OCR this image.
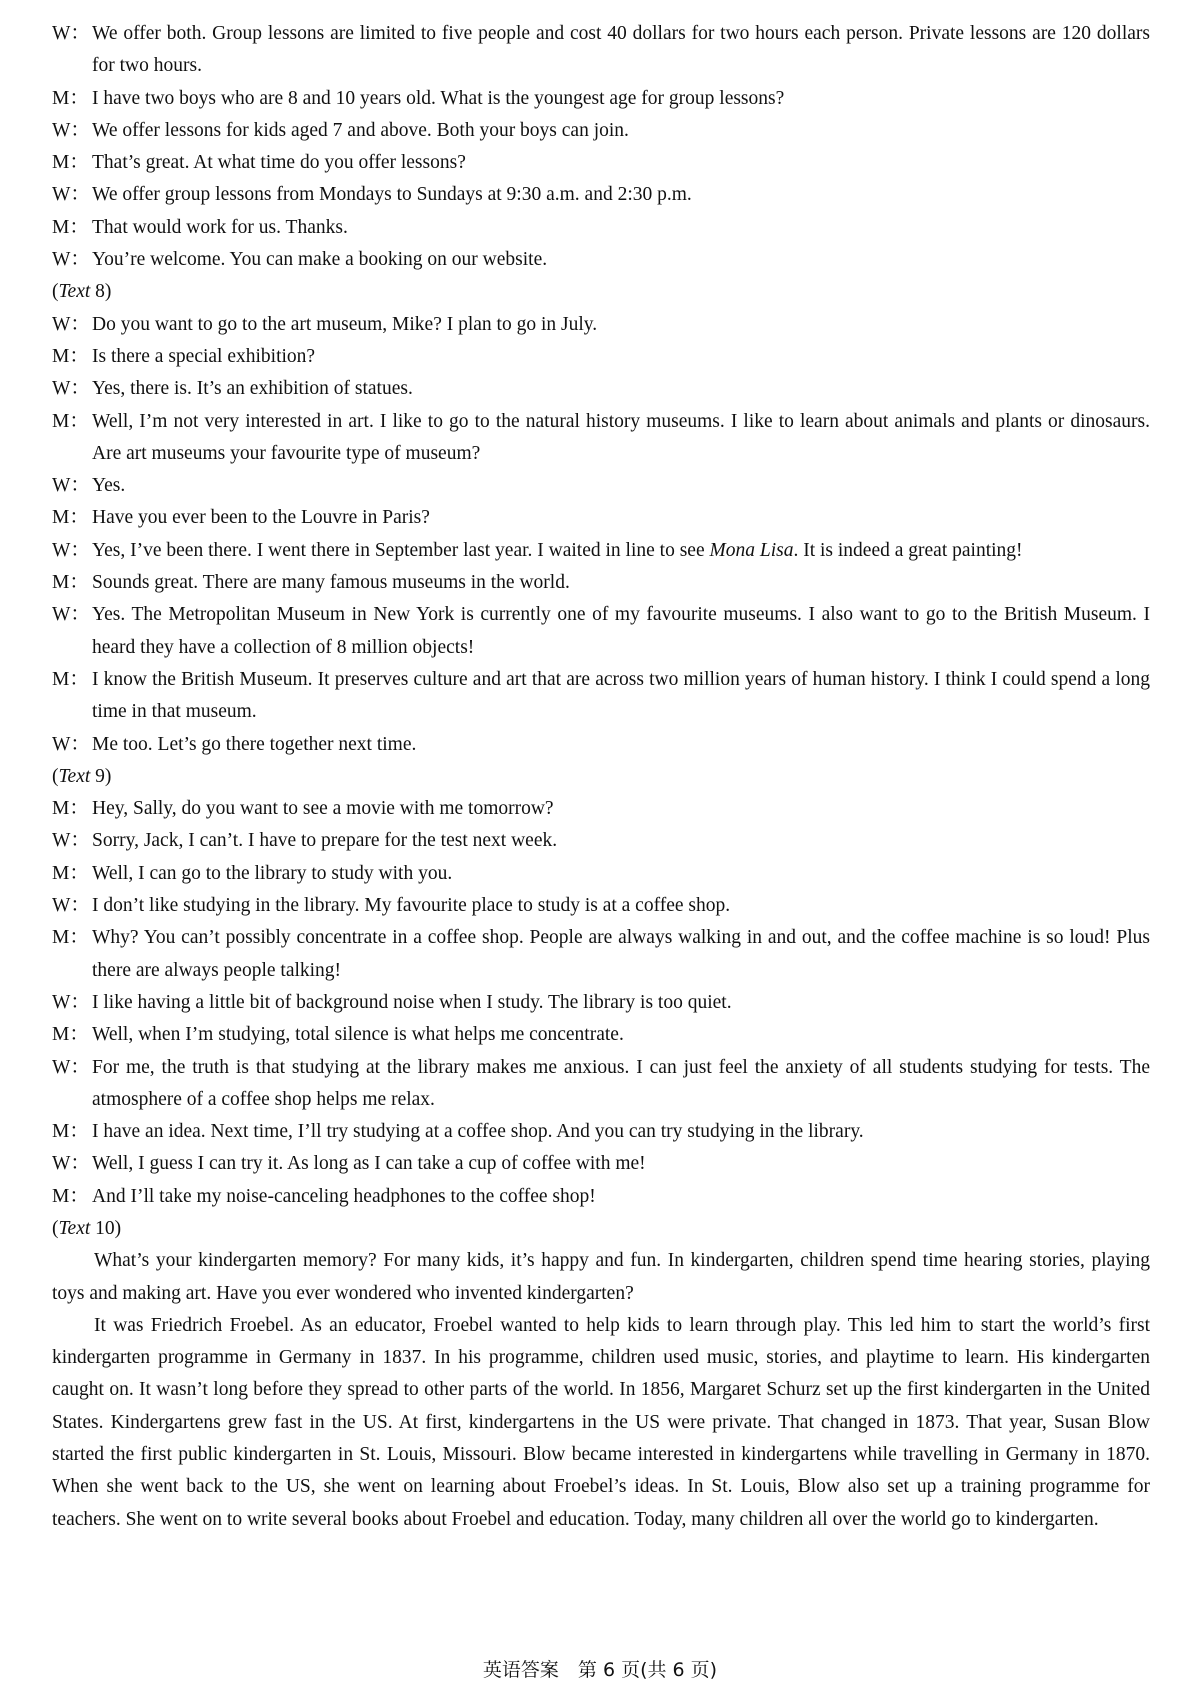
W： We offer both. Group lessons are limited to five people and cost 40 dollars for two hours each person. Private lessons are 120 dollars for two hours.
M： I have two boys who are 8 and 10 years old. What is the youngest age for group lessons?
W： We offer lessons for kids aged 7 and above. Both your boys can join.
M： That’s great. At what time do you offer lessons?
W： We offer group lessons from Mondays to Sundays at 9:30 a.m. and 2:30 p.m.
M： That would work for us. Thanks.
W： You’re welcome. You can make a booking on our website.
(Text 8)
W： Do you want to go to the art museum, Mike? I plan to go in July.
M： Is there a special exhibition?
W： Yes, there is. It’s an exhibition of statues.
M： Well, I’m not very interested in art. I like to go to the natural history museums. I like to learn about animals and plants or dinosaurs. Are art museums your favourite type of museum?
W： Yes.
M： Have you ever been to the Louvre in Paris?
W： Yes, I’ve been there. I went there in September last year. I waited in line to see Mona Lisa. It is indeed a great painting!
M： Sounds great. There are many famous museums in the world.
W： Yes. The Metropolitan Museum in New York is currently one of my favourite museums. I also want to go to the British Museum. I heard they have a collection of 8 million objects!
M： I know the British Museum. It preserves culture and art that are across two million years of human history. I think I could spend a long time in that museum.
W： Me too. Let’s go there together next time.
(Text 9)
M： Hey, Sally, do you want to see a movie with me tomorrow?
W： Sorry, Jack, I can’t. I have to prepare for the test next week.
M： Well, I can go to the library to study with you.
W： I don’t like studying in the library. My favourite place to study is at a coffee shop.
M： Why? You can’t possibly concentrate in a coffee shop. People are always walking in and out, and the coffee machine is so loud! Plus there are always people talking!
W： I like having a little bit of background noise when I study. The library is too quiet.
M： Well, when I’m studying, total silence is what helps me concentrate.
W： For me, the truth is that studying at the library makes me anxious. I can just feel the anxiety of all students studying for tests. The atmosphere of a coffee shop helps me relax.
M： I have an idea. Next time, I’ll try studying at a coffee shop. And you can try studying in the library.
W： Well, I guess I can try it. As long as I can take a cup of coffee with me!
M： And I’ll take my noise-canceling headphones to the coffee shop!
(Text 10)

What’s your kindergarten memory? For many kids, it’s happy and fun. In kindergarten, children spend time hearing stories, playing toys and making art. Have you ever wondered who invented kindergarten?

It was Friedrich Froebel. As an educator, Froebel wanted to help kids to learn through play. This led him to start the world’s first kindergarten programme in Germany in 1837. In his programme, children used music, stories, and playtime to learn. His kindergarten caught on. It wasn’t long before they spread to other parts of the world. In 1856, Margaret Schurz set up the first kindergarten in the United States. Kindergartens grew fast in the US. At first, kindergartens in the US were private. That changed in 1873. That year, Susan Blow started the first public kindergarten in St. Louis, Missouri. Blow became interested in kindergartens while travelling in Germany in 1870. When she went back to the US, she went on learning about Froebel’s ideas. In St. Louis, Blow also set up a training programme for teachers. She went on to write several books about Froebel and education. Today, many children all over the world go to kindergarten.

英语答案　第 6 页(共 6 页)
